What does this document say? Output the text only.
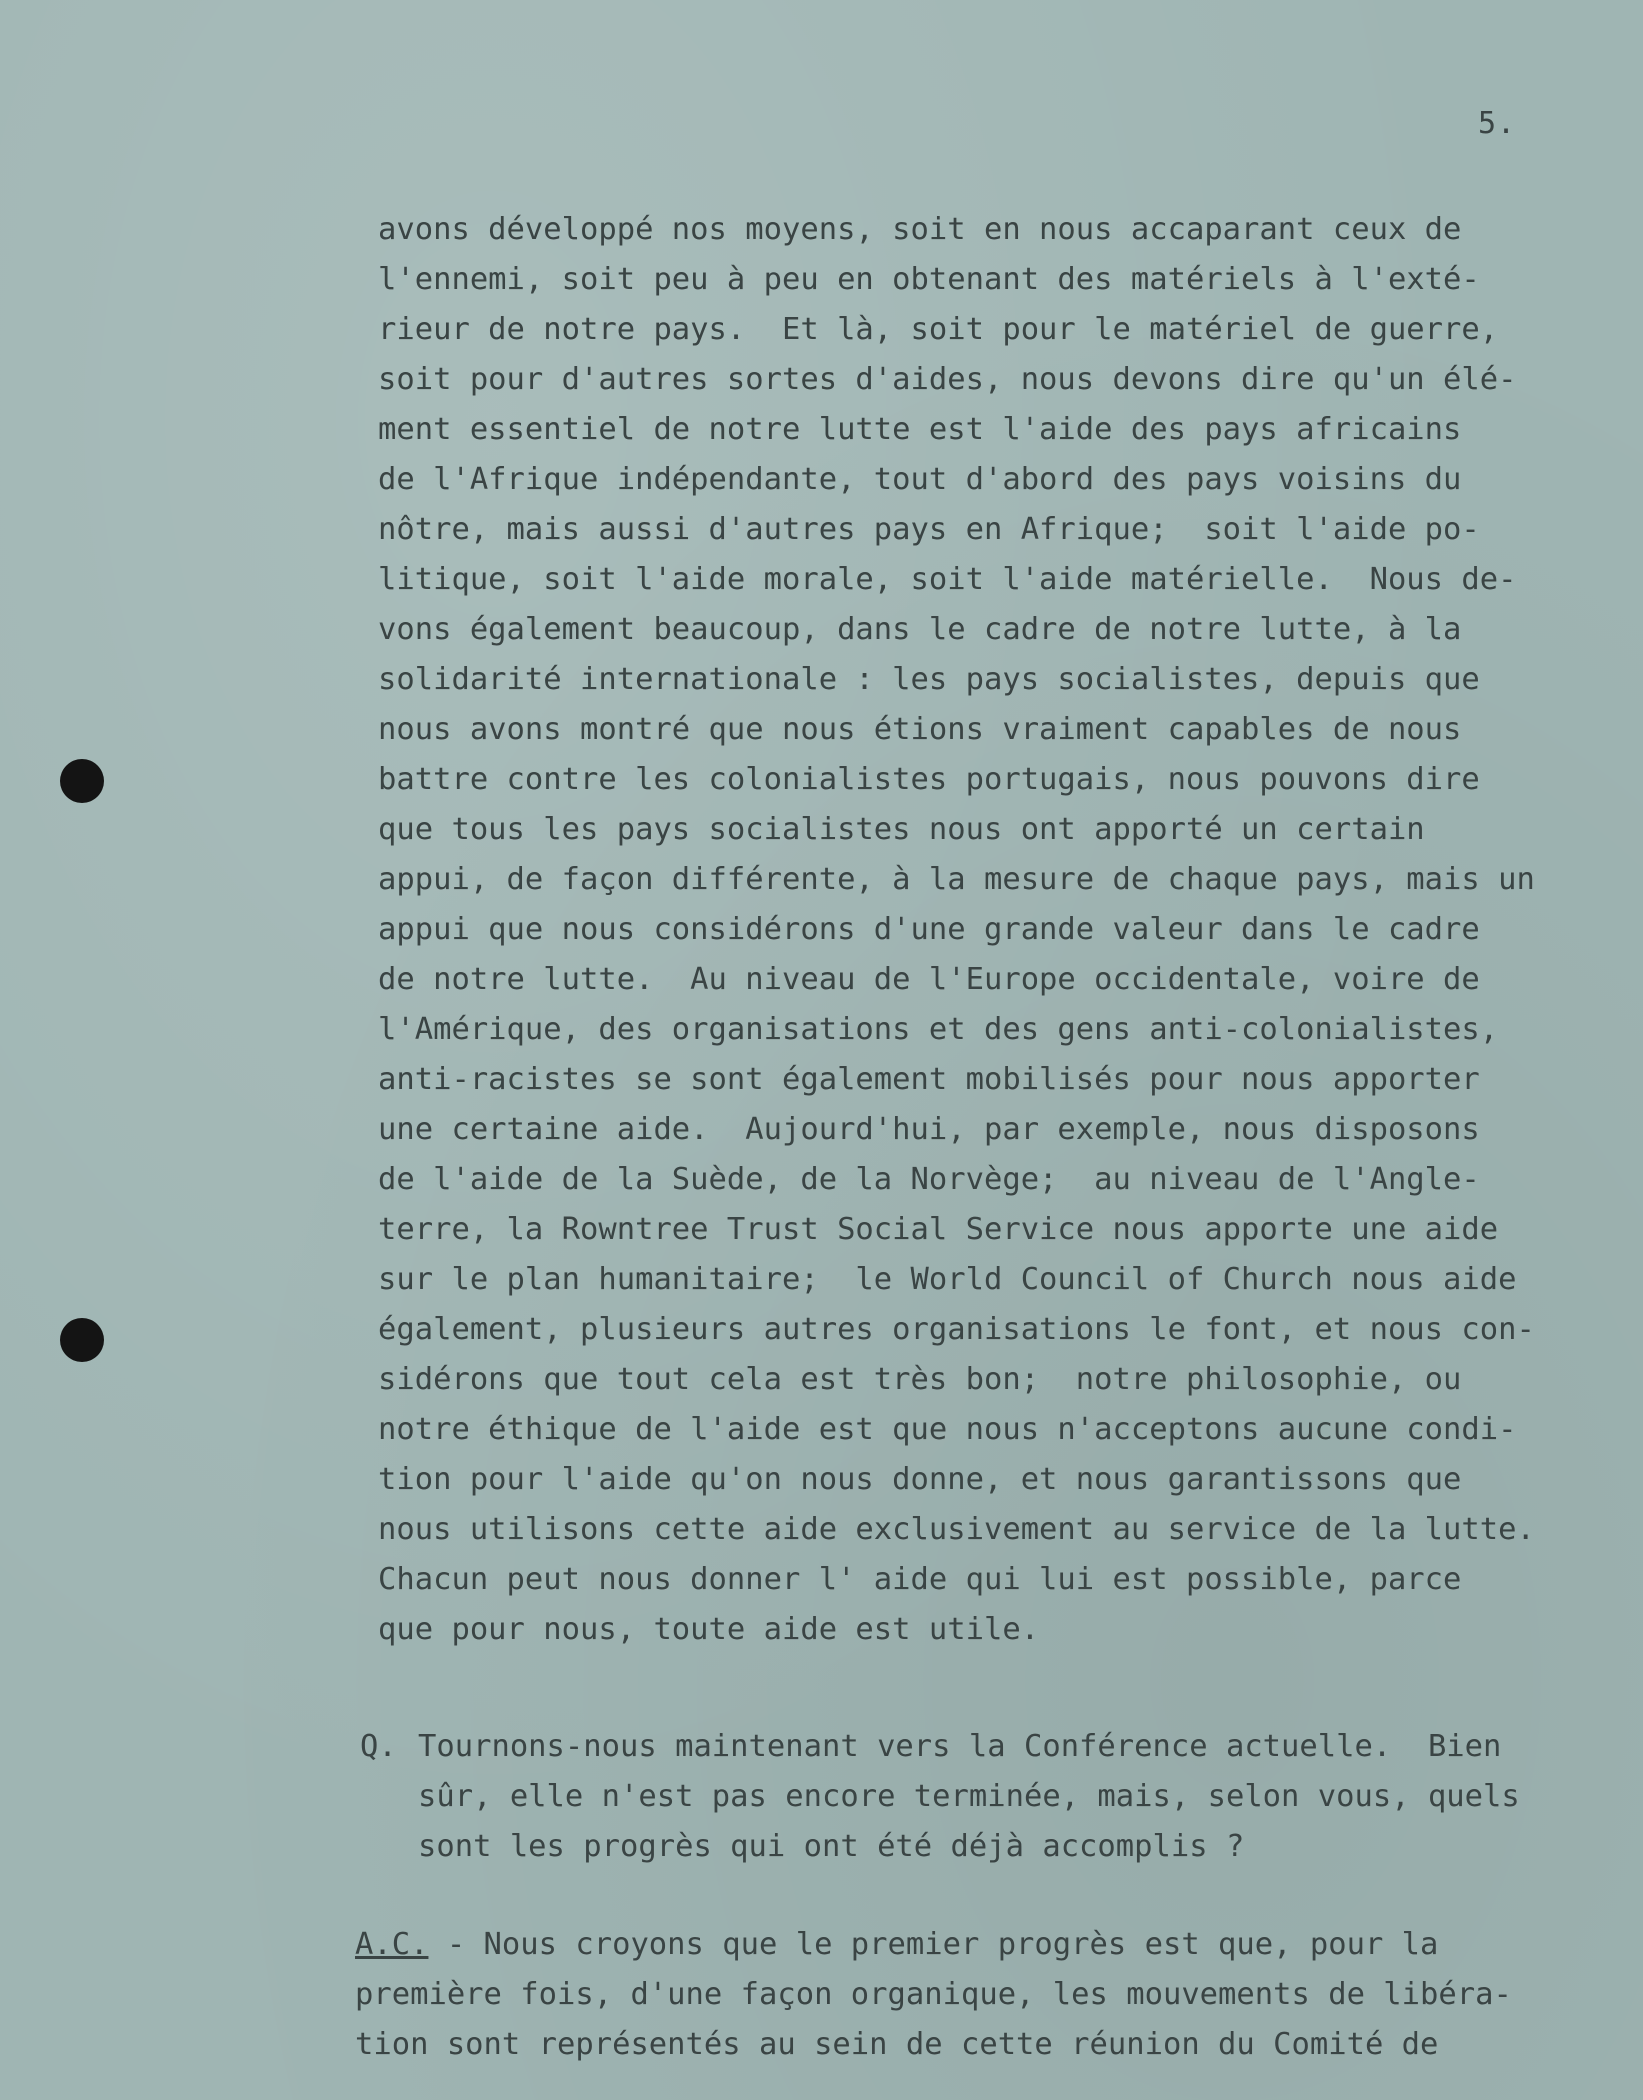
5.
avons développé nos moyens, soit en nous accaparant ceux de
l'ennemi, soit peu à peu en obtenant des matériels à l'exté-
rieur de notre pays.  Et là, soit pour le matériel de guerre,
soit pour d'autres sortes d'aides, nous devons dire qu'un élé-
ment essentiel de notre lutte est l'aide des pays africains
de l'Afrique indépendante, tout d'abord des pays voisins du
nôtre, mais aussi d'autres pays en Afrique;  soit l'aide po-
litique, soit l'aide morale, soit l'aide matérielle.  Nous de-
vons également beaucoup, dans le cadre de notre lutte, à la
solidarité internationale : les pays socialistes, depuis que
nous avons montré que nous étions vraiment capables de nous
battre contre les colonialistes portugais, nous pouvons dire
que tous les pays socialistes nous ont apporté un certain
appui, de façon différente, à la mesure de chaque pays, mais un
appui que nous considérons d'une grande valeur dans le cadre
de notre lutte.  Au niveau de l'Europe occidentale, voire de
l'Amérique, des organisations et des gens anti-colonialistes,
anti-racistes se sont également mobilisés pour nous apporter
une certaine aide.  Aujourd'hui, par exemple, nous disposons
de l'aide de la Suède, de la Norvège;  au niveau de l'Angle-
terre, la Rowntree Trust Social Service nous apporte une aide
sur le plan humanitaire;  le World Council of Church nous aide
également, plusieurs autres organisations le font, et nous con-
sidérons que tout cela est très bon;  notre philosophie, ou
notre éthique de l'aide est que nous n'acceptons aucune condi-
tion pour l'aide qu'on nous donne, et nous garantissons que
nous utilisons cette aide exclusivement au service de la lutte.
Chacun peut nous donner l' aide qui lui est possible, parce
que pour nous, toute aide est utile.
Q. Tournons-nous maintenant vers la Conférence actuelle.  Bien
sûr, elle n'est pas encore terminée, mais, selon vous, quels
sont les progrès qui ont été déjà accomplis ?
A.C. - Nous croyons que le premier progrès est que, pour la
première fois, d'une façon organique, les mouvements de libéra-
tion sont représentés au sein de cette réunion du Comité de
